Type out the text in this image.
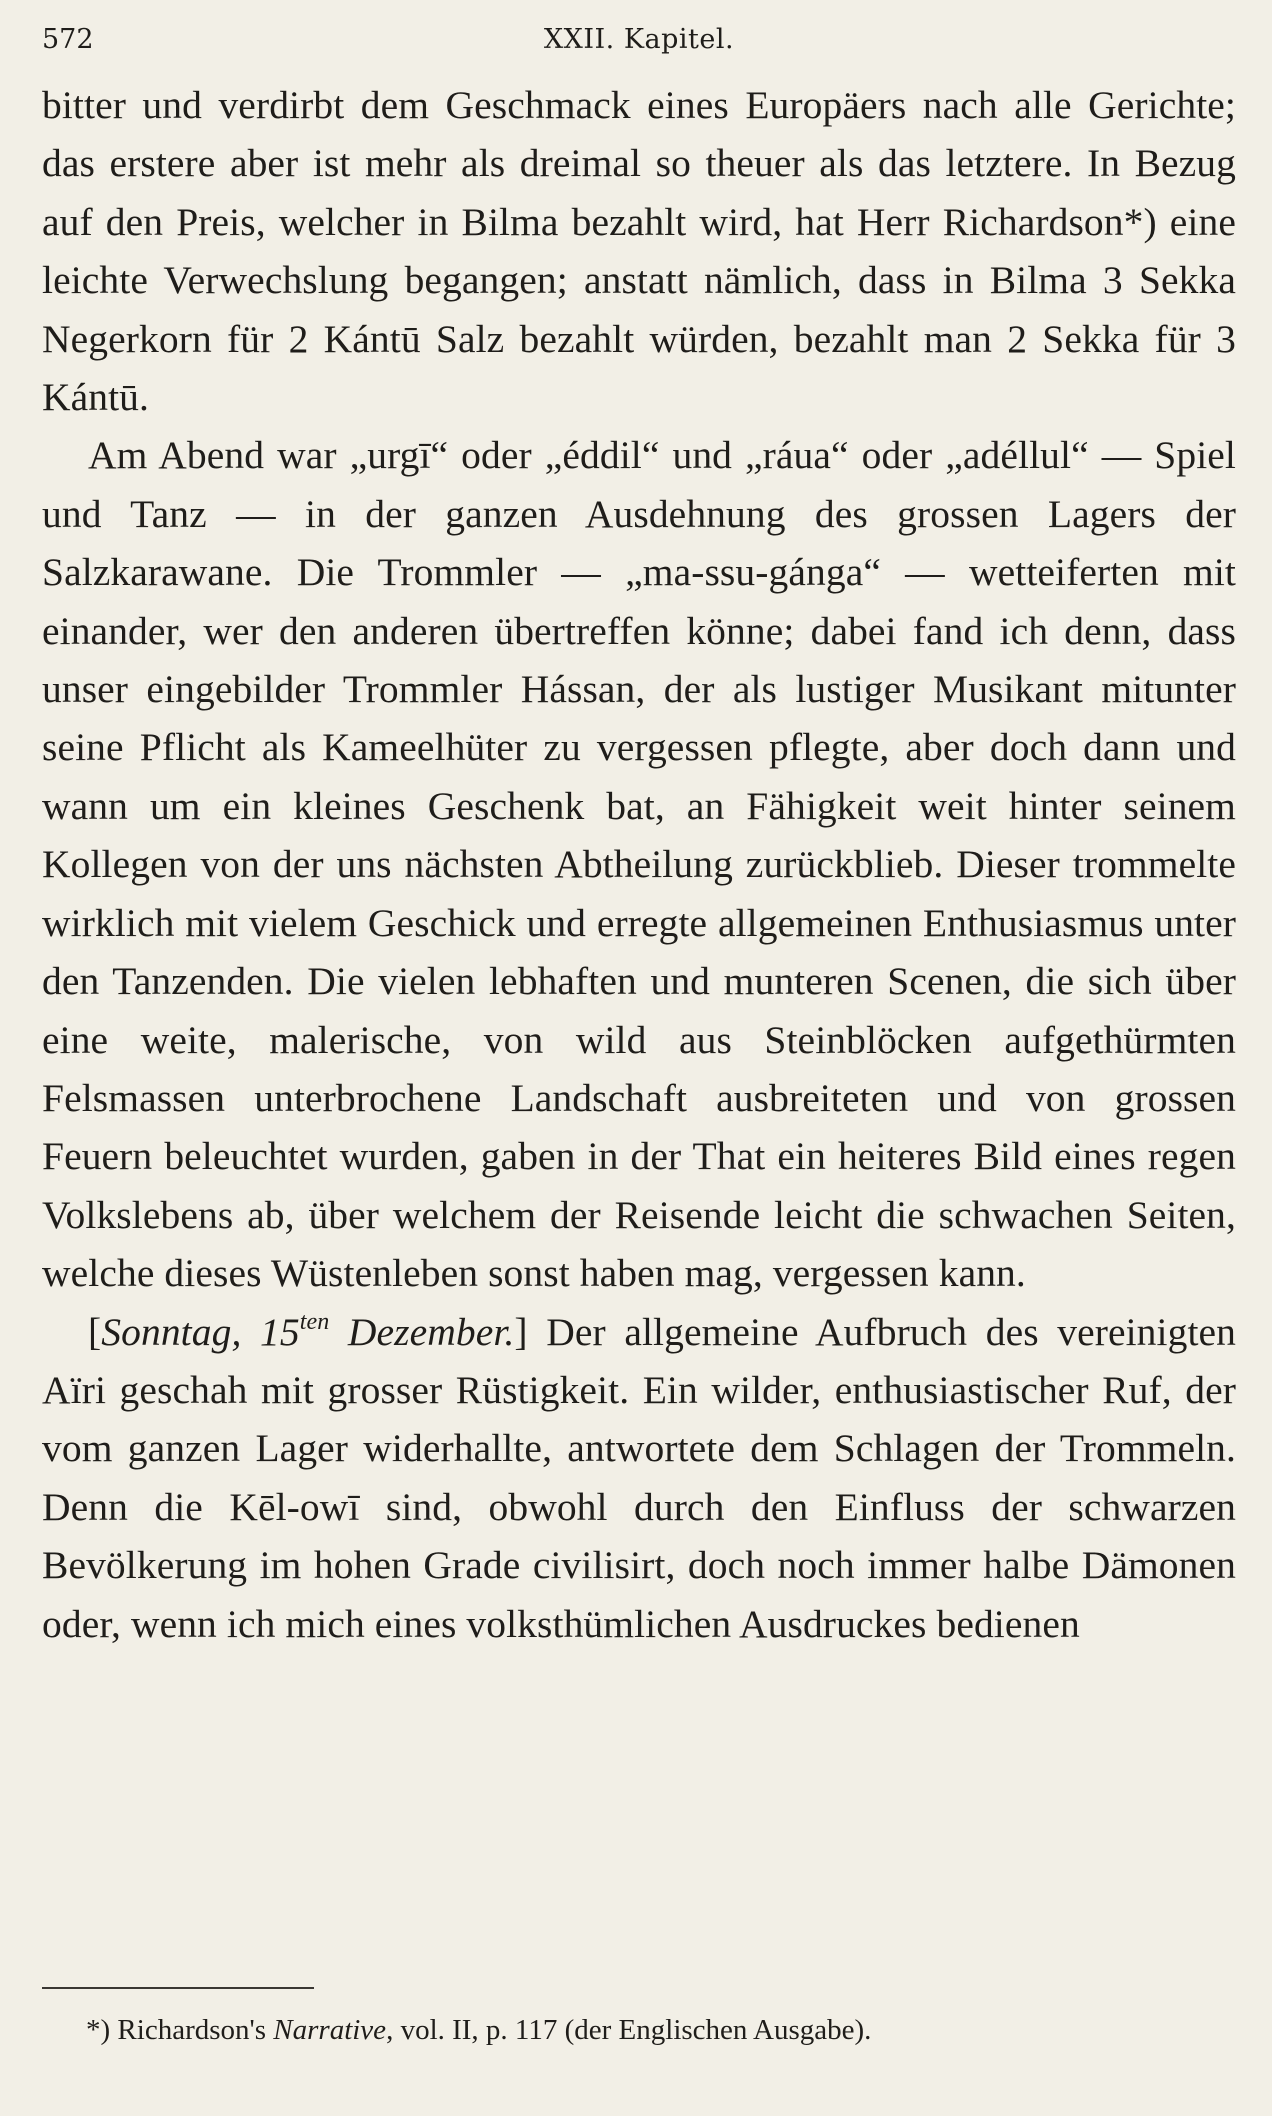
572	XXII. Kapitel.

bitter und verdirbt dem Geschmack eines Europäers nach alle Gerichte; das erstere aber ist mehr als dreimal so theuer als das letztere. In Bezug auf den Preis, welcher in Bilma bezahlt wird, hat Herr Richardson*) eine leichte Verwechslung begangen; anstatt nämlich, dass in Bilma 3 Sekka Negerkorn für 2 Kántū Salz bezahlt würden, bezahlt man 2 Sekka für 3 Kántū.

Am Abend war „urgī“ oder „éddil“ und „ráua“ oder „adéllul“ — Spiel und Tanz — in der ganzen Ausdehnung des grossen Lagers der Salzkarawane. Die Trommler — „ma-ssu-gánga“ — wetteiferten mit einander, wer den anderen übertreffen könne; dabei fand ich denn, dass unser eingebilder Trommler Hássan, der als lustiger Musikant mitunter seine Pflicht als Kameelhüter zu vergessen pflegte, aber doch dann und wann um ein kleines Geschenk bat, an Fähigkeit weit hinter seinem Kollegen von der uns nächsten Abtheilung zurückblieb. Dieser trommelte wirklich mit vielem Geschick und erregte allgemeinen Enthusiasmus unter den Tanzenden. Die vielen lebhaften und munteren Scenen, die sich über eine weite, malerische, von wild aus Steinblöcken aufgethürmten Felsmassen unterbrochene Landschaft ausbreiteten und von grossen Feuern beleuchtet wurden, gaben in der That ein heiteres Bild eines regen Volkslebens ab, über welchem der Reisende leicht die schwachen Seiten, welche dieses Wüstenleben sonst haben mag, vergessen kann.

[Sonntag, $15^{ten}$ Dezember.] Der allgemeine Aufbruch des vereinigten Aïri geschah mit grosser Rüstigkeit. Ein wilder, enthusiastischer Ruf, der vom ganzen Lager widerhallte, antwortete dem Schlagen der Trommeln. Denn die Kēl-owī sind, obwohl durch den Einfluss der schwarzen Bevölkerung im hohen Grade civilisirt, doch noch immer halbe Dämonen oder, wenn ich mich eines volksthümlichen Ausdruckes bedienen

*) Richardson's Narrative, vol. II, p. 117 (der Englischen Ausgabe).
